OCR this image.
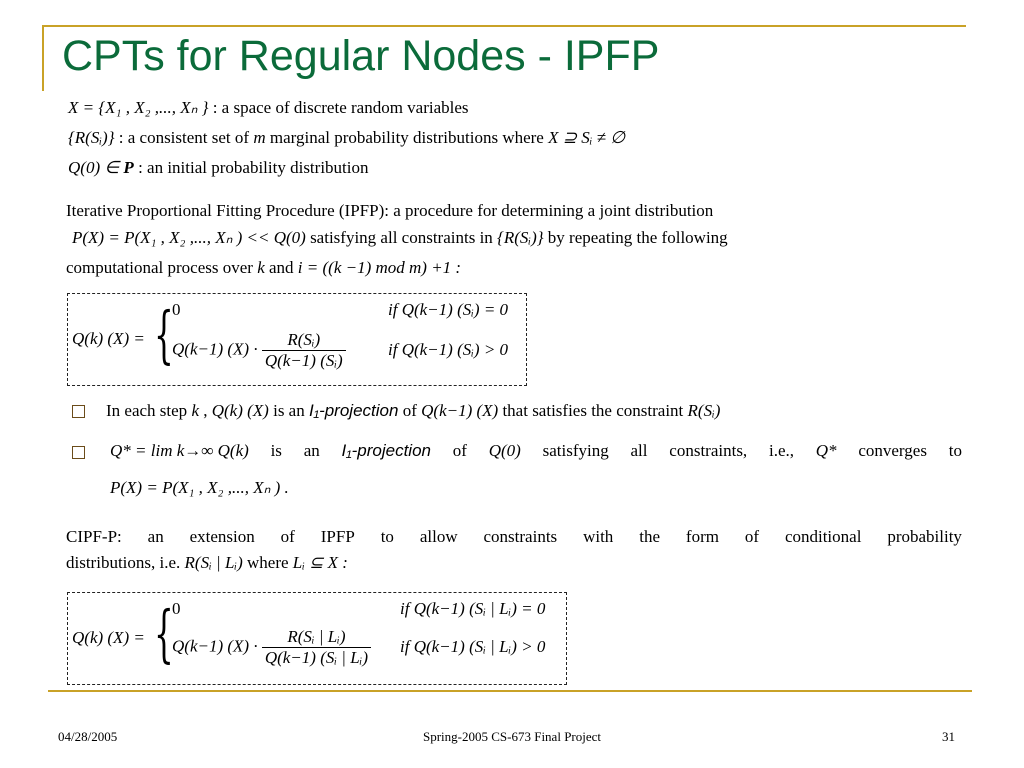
CPTs for Regular Nodes - IPFP
X = {X₁ , X₂ ,..., Xₙ } : a space of discrete random variables
{R(Sᵢ)} : a consistent set of m marginal probability distributions where X ⊇ Sᵢ ≠ ∅
Q(0) ∈ P : an initial probability distribution
Iterative Proportional Fitting Procedure (IPFP): a procedure for determining a joint distribution
P(X) = P(X₁ , X₂ ,..., Xₙ ) << Q(0) satisfying all constraints in {R(Sᵢ)} by repeating the following
computational process over k and i = ((k −1) mod m) +1 :
Q(k) (X) = {
0	if Q(k−1) (Sᵢ) = 0
Q(k−1) $(X) \cdot \frac{\text{R(Sᵢ)}}{\text{Q(k−1) (Sᵢ)}}$ if Q(k−1) (Sᵢ) > 0
In each step k , Q(k) (X) is an I₁-projection of Q(k−1) (X) that satisfies the constraint R(Sᵢ)
Q* = lim k→∞ Q(k) is an I₁-projection of Q(0) satisfying all constraints, i.e., Q* converges to
P(X) = P(X₁ , X₂ ,..., Xₙ ) .
CIPF-P: an extension of IPFP to allow constraints with the form of conditional probability
distributions, i.e. R(Sᵢ | Lᵢ) where Lᵢ ⊆ X :
Q(k) (X) = {
0	if Q(k−1) (Sᵢ | Lᵢ) = 0
Q(k−1) $(X) \cdot \frac{\text{R(Sᵢ | Lᵢ)}}{\text{Q(k−1) (Sᵢ | Lᵢ)}}$ if Q(k−1) (Sᵢ | Lᵢ) > 0
04/28/2005	Spring-2005 CS-673 Final Project	31
